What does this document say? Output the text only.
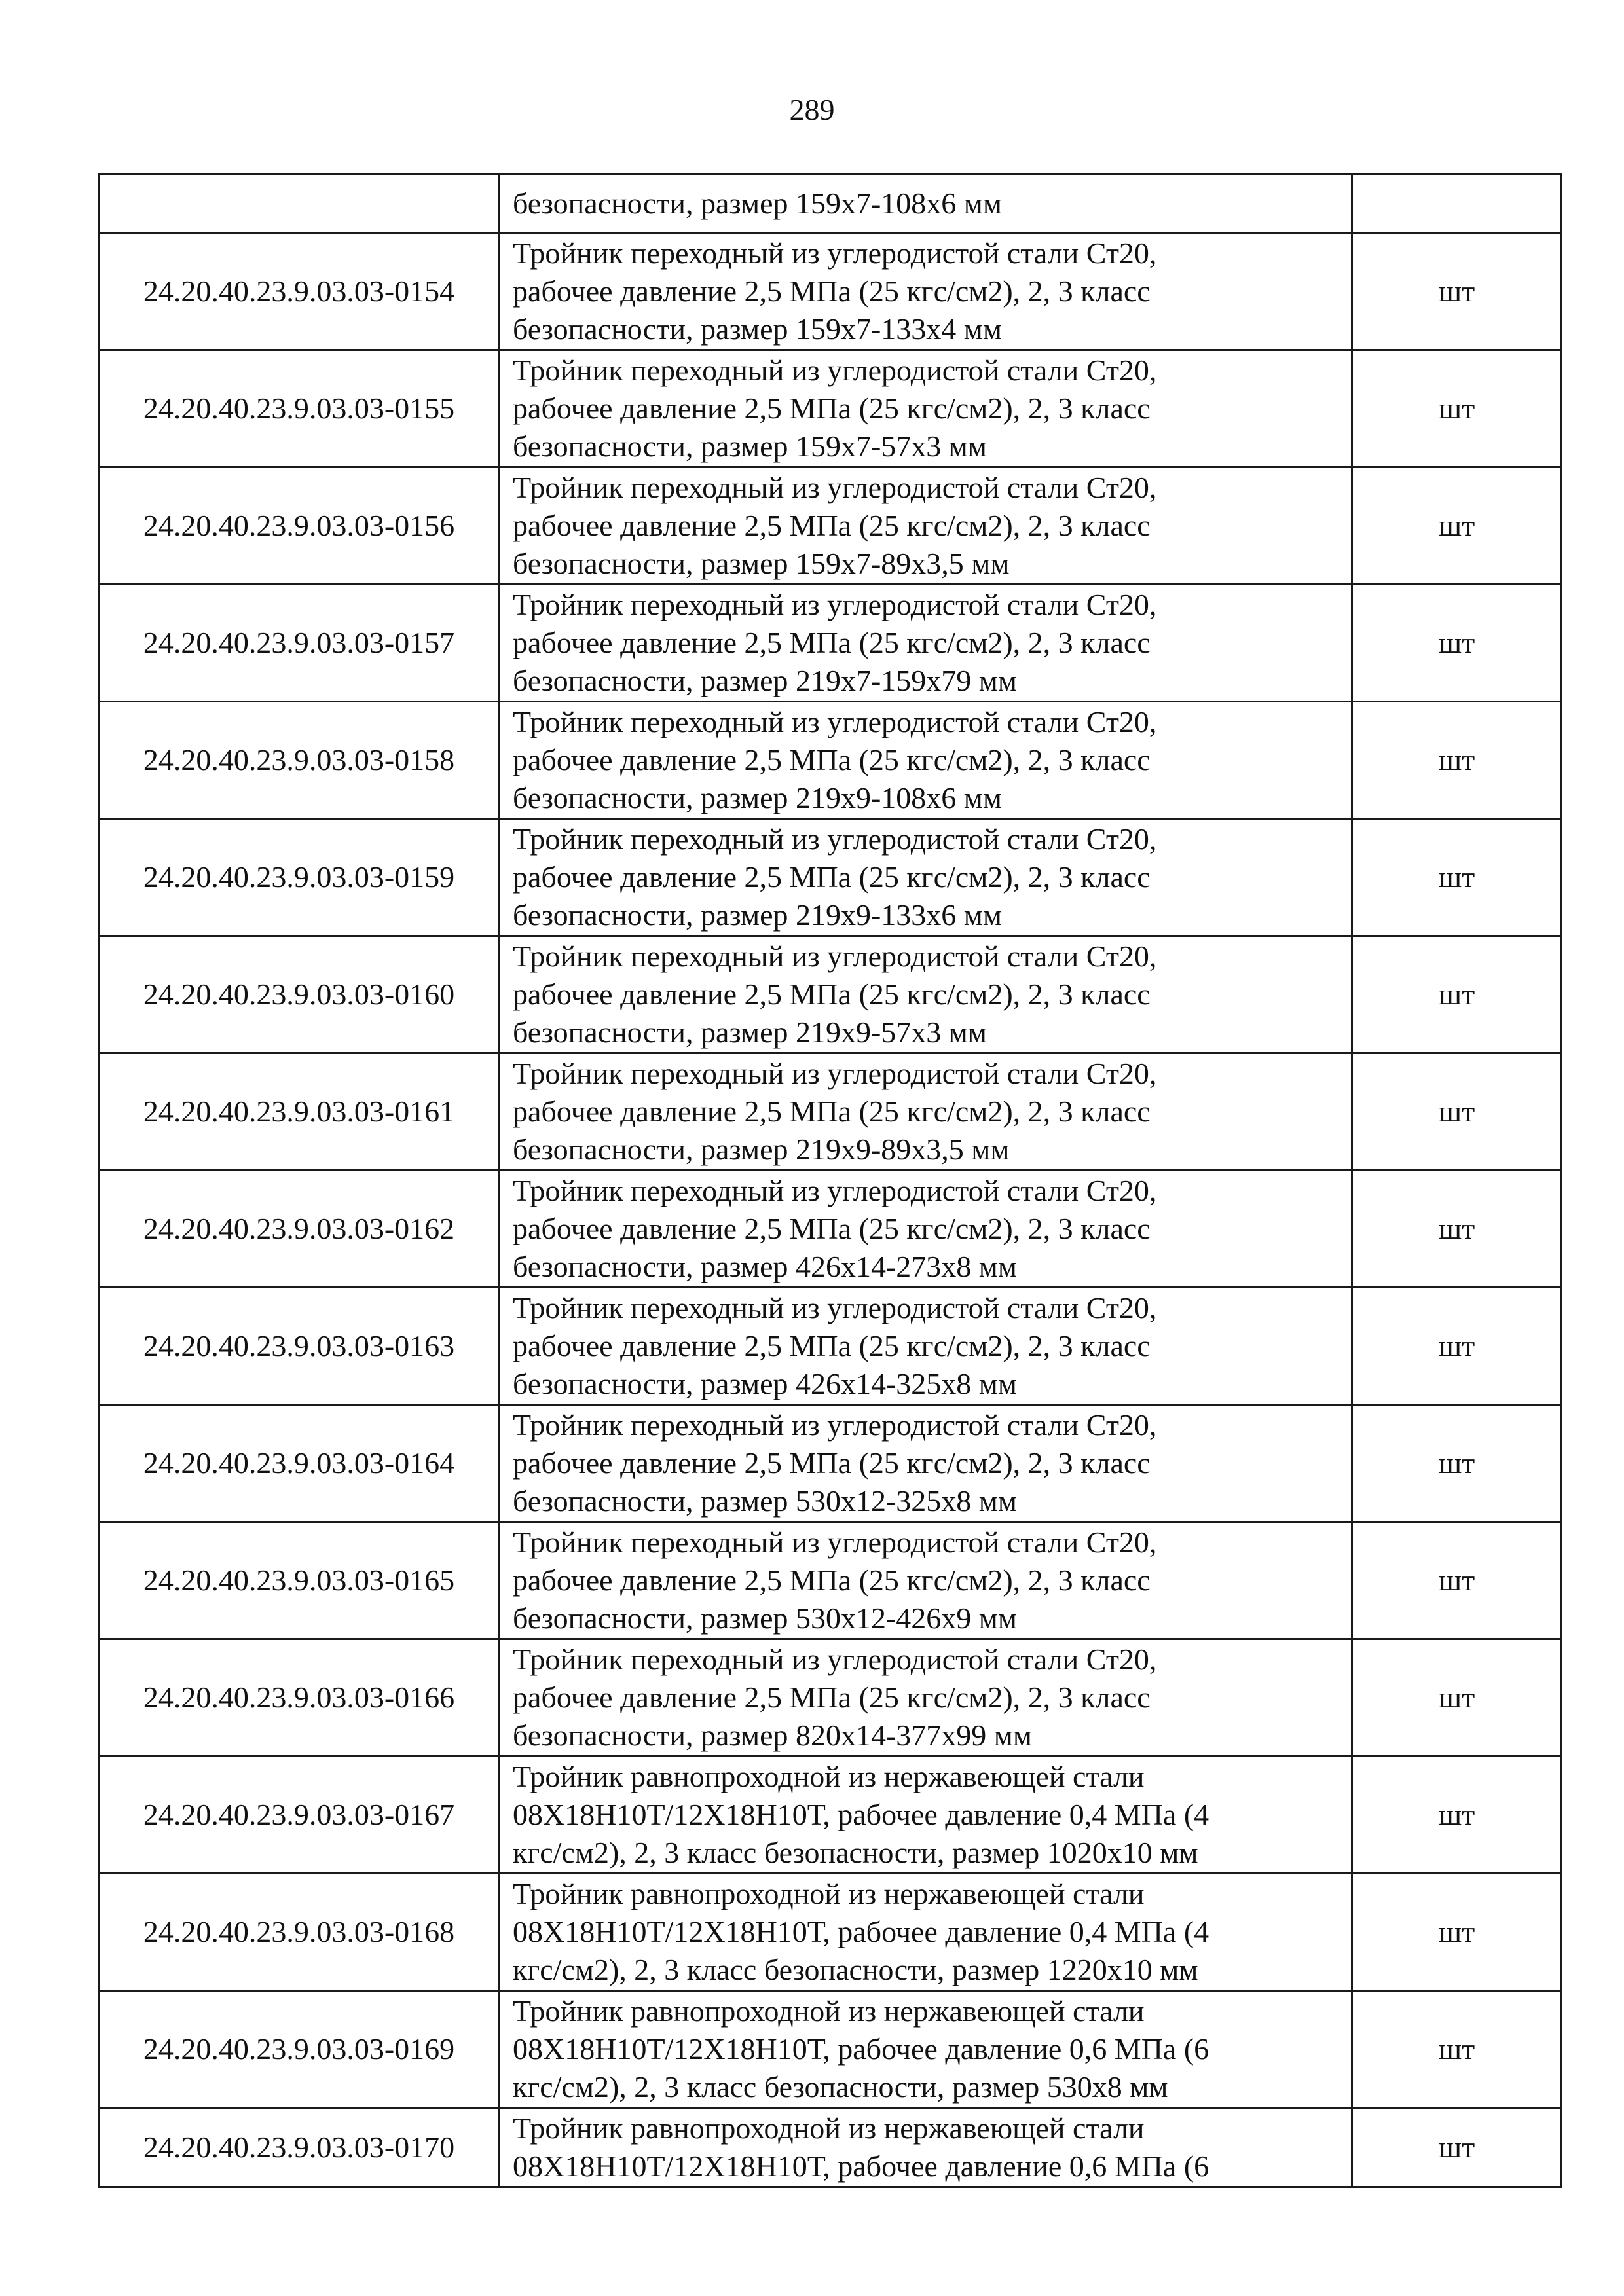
289

	безопасности, размер 159х7-108х6 мм	

24.20.40.23.9.03.03-0154	Тройник переходный из углеродистой стали Ст20,
рабочее давление 2,5 МПа (25 кгс/см2), 2, 3 класс
безопасности, размер 159х7-133х4 мм	шт
24.20.40.23.9.03.03-0155	Тройник переходный из углеродистой стали Ст20,
рабочее давление 2,5 МПа (25 кгс/см2), 2, 3 класс
безопасности, размер 159х7-57х3 мм	шт
24.20.40.23.9.03.03-0156	Тройник переходный из углеродистой стали Ст20,
рабочее давление 2,5 МПа (25 кгс/см2), 2, 3 класс
безопасности, размер 159х7-89х3,5 мм	шт
24.20.40.23.9.03.03-0157	Тройник переходный из углеродистой стали Ст20,
рабочее давление 2,5 МПа (25 кгс/см2), 2, 3 класс
безопасности, размер 219х7-159х79 мм	шт
24.20.40.23.9.03.03-0158	Тройник переходный из углеродистой стали Ст20,
рабочее давление 2,5 МПа (25 кгс/см2), 2, 3 класс
безопасности, размер 219х9-108х6 мм	шт
24.20.40.23.9.03.03-0159	Тройник переходный из углеродистой стали Ст20,
рабочее давление 2,5 МПа (25 кгс/см2), 2, 3 класс
безопасности, размер 219х9-133х6 мм	шт
24.20.40.23.9.03.03-0160	Тройник переходный из углеродистой стали Ст20,
рабочее давление 2,5 МПа (25 кгс/см2), 2, 3 класс
безопасности, размер 219х9-57х3 мм	шт
24.20.40.23.9.03.03-0161	Тройник переходный из углеродистой стали Ст20,
рабочее давление 2,5 МПа (25 кгс/см2), 2, 3 класс
безопасности, размер 219х9-89х3,5 мм	шт
24.20.40.23.9.03.03-0162	Тройник переходный из углеродистой стали Ст20,
рабочее давление 2,5 МПа (25 кгс/см2), 2, 3 класс
безопасности, размер 426х14-273х8 мм	шт
24.20.40.23.9.03.03-0163	Тройник переходный из углеродистой стали Ст20,
рабочее давление 2,5 МПа (25 кгс/см2), 2, 3 класс
безопасности, размер 426х14-325х8 мм	шт
24.20.40.23.9.03.03-0164	Тройник переходный из углеродистой стали Ст20,
рабочее давление 2,5 МПа (25 кгс/см2), 2, 3 класс
безопасности, размер 530х12-325х8 мм	шт
24.20.40.23.9.03.03-0165	Тройник переходный из углеродистой стали Ст20,
рабочее давление 2,5 МПа (25 кгс/см2), 2, 3 класс
безопасности, размер 530х12-426х9 мм	шт
24.20.40.23.9.03.03-0166	Тройник переходный из углеродистой стали Ст20,
рабочее давление 2,5 МПа (25 кгс/см2), 2, 3 класс
безопасности, размер 820х14-377х99 мм	шт
24.20.40.23.9.03.03-0167	Тройник равнопроходной из нержавеющей стали
08Х18Н10Т/12Х18Н10Т, рабочее давление 0,4 МПа (4
кгс/см2), 2, 3 класс безопасности, размер 1020х10 мм	шт
24.20.40.23.9.03.03-0168	Тройник равнопроходной из нержавеющей стали
08Х18Н10Т/12Х18Н10Т, рабочее давление 0,4 МПа (4
кгс/см2), 2, 3 класс безопасности, размер 1220х10 мм	шт
24.20.40.23.9.03.03-0169	Тройник равнопроходной из нержавеющей стали
08Х18Н10Т/12Х18Н10Т, рабочее давление 0,6 МПа (6
кгс/см2), 2, 3 класс безопасности, размер 530х8 мм	шт
24.20.40.23.9.03.03-0170	Тройник равнопроходной из нержавеющей стали
08Х18Н10Т/12Х18Н10Т, рабочее давление 0,6 МПа (6	шт
